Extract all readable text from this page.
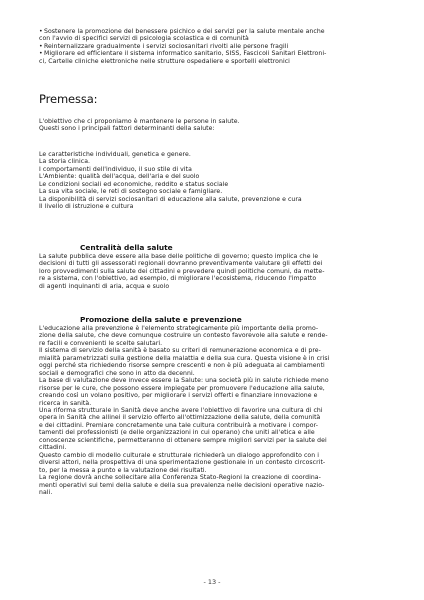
• Sostenere la promozione del benessere psichico e dei servizi per la salute mentale anche
con l'avvio di specifici servizi di psicologia scolastica e di comunità
• Reinternalizzare gradualmente i servizi sociosanitari rivolti alle persone fragili
• Migliorare ed efficientare il sistema informatico sanitario, SISS, Fascicoli Sanitari Elettroni-
ci, Cartelle cliniche elettroniche nelle strutture ospedaliere e sportelli elettronici
Premessa:
L'obiettivo che ci proponiamo è mantenere le persone in salute.
Questi sono i principali fattori determinanti della salute:
Le caratteristiche individuali, genetica e genere.
La storia clinica.
I comportamenti dell'individuo, il suo stile di vita
L'Ambiente: qualità dell'acqua, dell'aria e del suolo
Le condizioni sociali ed economiche, reddito e status sociale
La sua vita sociale, le reti di sostegno sociale e famigliare.
La disponibilità di servizi sociosanitari di educazione alla salute, prevenzione e cura
Il livello di istruzione e cultura
Centralità della salute
La salute pubblica deve essere alla base delle politiche di governo; questo implica che le
decisioni di tutti gli assessorati regionali dovranno preventivamente valutare gli effetti dei
loro provvedimenti sulla salute dei cittadini e prevedere quindi politiche comuni, da mette-
re a sistema, con l'obiettivo, ad esempio, di migliorare l'ecosistema, riducendo l'impatto
di agenti inquinanti di aria, acqua e suolo
Promozione della salute e prevenzione
L'educazione alla prevenzione è l'elemento strategicamente più importante della promo-
zione della salute, che deve comunque costruire un contesto favorevole alla salute e rende-
re facili e convenienti le scelte salutari.
Il sistema di servizio della sanità è basato su criteri di remunerazione economica e di pre-
mialità parametrizzati sulla gestione della malattia e della sua cura. Questa visione è in crisi
oggi perché sta richiedendo risorse sempre crescenti e non è più adeguata ai cambiamenti
sociali e demografici che sono in atto da decenni.
La base di valutazione deve invece essere la Salute: una società più in salute richiede meno
risorse per le cure, che possono essere impiegate per promuovere l'educazione alla salute,
creando così un volano positivo, per migliorare i servizi offerti e finanziare innovazione e
ricerca in sanità.
Una riforma strutturale in Sanità deve anche avere l'obiettivo di favorire una cultura di chi
opera in Sanità che allinei il servizio offerto all'ottimizzazione della salute, della comunità
e dei cittadini. Premiare concretamente una tale cultura contribuirà a motivare i compor-
tamenti dei professionisti (e delle organizzazioni in cui operano) che uniti all'etica e alle
conoscenze scientifiche, permetteranno di ottenere sempre migliori servizi per la salute dei
cittadini.
Questo cambio di modello culturale e strutturale richiederà un dialogo approfondito con i
diversi attori, nella prospettiva di una sperimentazione gestionale in un contesto circoscrit-
to, per la messa a punto e la valutazione dei risultati.
La regione dovrà anche sollecitare alla Conferenza Stato-Regioni la creazione di coordina-
menti operativi sui temi della salute e della sua prevalenza nelle decisioni operative nazio-
nali.
- 13 -
